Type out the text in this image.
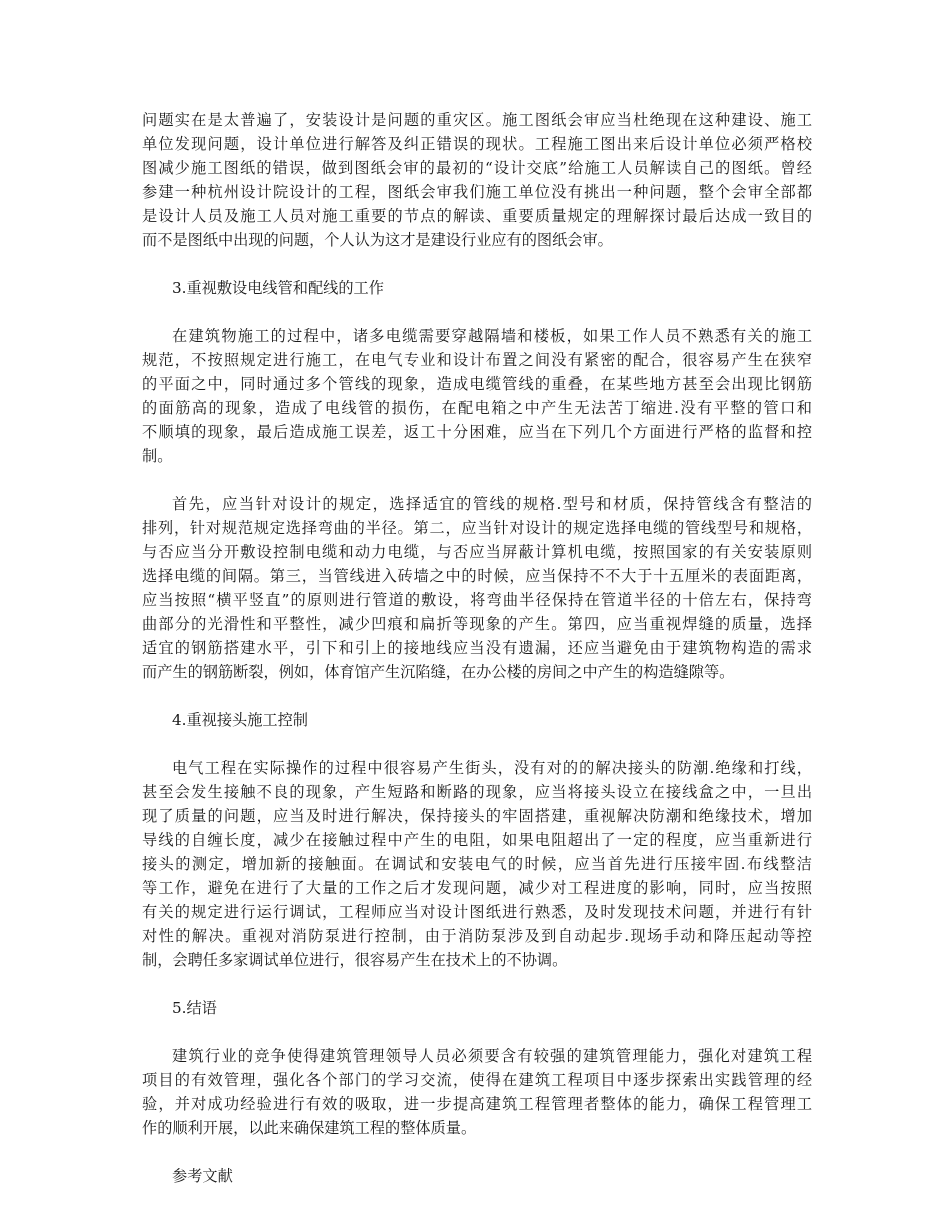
问题实在是太普遍了，安装设计是问题的重灾区。施工图纸会审应当杜绝现在这种建设、施工
单位发现问题，设计单位进行解答及纠正错误的现状。工程施工图出来后设计单位必须严格校
图减少施工图纸的错误，做到图纸会审的最初的“设计交底”给施工人员解读自己的图纸。曾经
参建一种杭州设计院设计的工程，图纸会审我们施工单位没有挑出一种问题，整个会审全部都
是设计人员及施工人员对施工重要的节点的解读、重要质量规定的理解探讨最后达成一致目的
而不是图纸中出现的问题，个人认为这才是建设行业应有的图纸会审。
3.重视敷设电线管和配线的工作
在建筑物施工的过程中，诸多电缆需要穿越隔墙和楼板，如果工作人员不熟悉有关的施工
规范，不按照规定进行施工，在电气专业和设计布置之间没有紧密的配合，很容易产生在狭窄
的平面之中，同时通过多个管线的现象，造成电缆管线的重叠，在某些地方甚至会出现比钢筋
的面筋高的现象，造成了电线管的损伤，在配电箱之中产生无法苦丁缩进.没有平整的管口和
不顺填的现象，最后造成施工误差，返工十分困难，应当在下列几个方面进行严格的监督和控
制。
首先，应当针对设计的规定，选择适宜的管线的规格.型号和材质，保持管线含有整洁的
排列，针对规范规定选择弯曲的半径。第二，应当针对设计的规定选择电缆的管线型号和规格，
与否应当分开敷设控制电缆和动力电缆，与否应当屏蔽计算机电缆，按照国家的有关安装原则
选择电缆的间隔。第三，当管线进入砖墙之中的时候，应当保持不不大于十五厘米的表面距离，
应当按照“横平竖直”的原则进行管道的敷设，将弯曲半径保持在管道半径的十倍左右，保持弯
曲部分的光滑性和平整性，减少凹痕和扁折等现象的产生。第四，应当重视焊缝的质量，选择
适宜的钢筋搭建水平，引下和引上的接地线应当没有遗漏，还应当避免由于建筑物构造的需求
而产生的钢筋断裂，例如，体育馆产生沉陷缝，在办公楼的房间之中产生的构造缝隙等。
4.重视接头施工控制
电气工程在实际操作的过程中很容易产生街头，没有对的的解决接头的防潮.绝缘和打线，
甚至会发生接触不良的现象，产生短路和断路的现象，应当将接头设立在接线盒之中，一旦出
现了质量的问题，应当及时进行解决，保持接头的牢固搭建，重视解决防潮和绝缘技术，增加
导线的自缠长度，减少在接触过程中产生的电阻，如果电阻超出了一定的程度，应当重新进行
接头的测定，增加新的接触面。在调试和安装电气的时候，应当首先进行压接牢固.布线整洁
等工作，避免在进行了大量的工作之后才发现问题，减少对工程进度的影响，同时，应当按照
有关的规定进行运行调试，工程师应当对设计图纸进行熟悉，及时发现技术问题，并进行有针
对性的解决。重视对消防泵进行控制，由于消防泵涉及到自动起步.现场手动和降压起动等控
制，会聘任多家调试单位进行，很容易产生在技术上的不协调。
5.结语
建筑行业的竞争使得建筑管理领导人员必须要含有较强的建筑管理能力，强化对建筑工程
项目的有效管理，强化各个部门的学习交流，使得在建筑工程项目中逐步探索出实践管理的经
验，并对成功经验进行有效的吸取，进一步提高建筑工程管理者整体的能力，确保工程管理工
作的顺利开展，以此来确保建筑工程的整体质量。
参考文献
